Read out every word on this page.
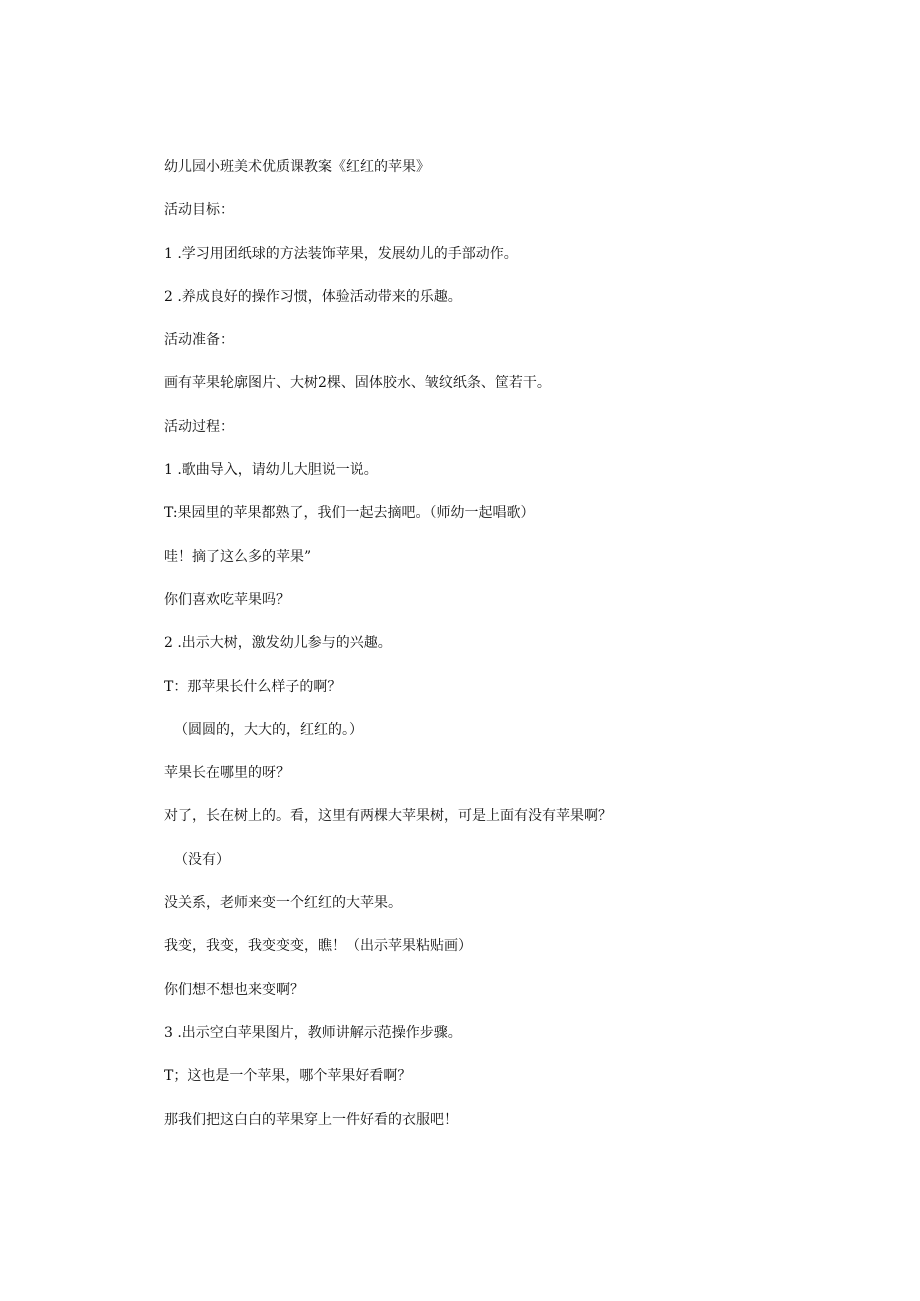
幼儿园小班美术优质课教案《红红的苹果》
活动目标：
1 .学习用团纸球的方法装饰苹果，发展幼儿的手部动作。
2 .养成良好的操作习惯，体验活动带来的乐趣。
活动准备：
画有苹果轮廓图片、大树2棵、固体胶水、皱纹纸条、筐若干。
活动过程：
1 .歌曲导入，请幼儿大胆说一说。
T:果园里的苹果都熟了，我们一起去摘吧。（师幼一起唱歌）
哇！摘了这么多的苹果”
你们喜欢吃苹果吗？
2 .出示大树，激发幼儿参与的兴趣。
T：那苹果长什么样子的啊？
（圆圆的，大大的，红红的。）
苹果长在哪里的呀？
对了，长在树上的。看，这里有两棵大苹果树，可是上面有没有苹果啊？
（没有）
没关系，老师来变一个红红的大苹果。
我变，我变，我变变变，瞧！（出示苹果粘贴画）
你们想不想也来变啊？
3 .出示空白苹果图片，教师讲解示范操作步骤。
T；这也是一个苹果，哪个苹果好看啊？
那我们把这白白的苹果穿上一件好看的衣服吧！
